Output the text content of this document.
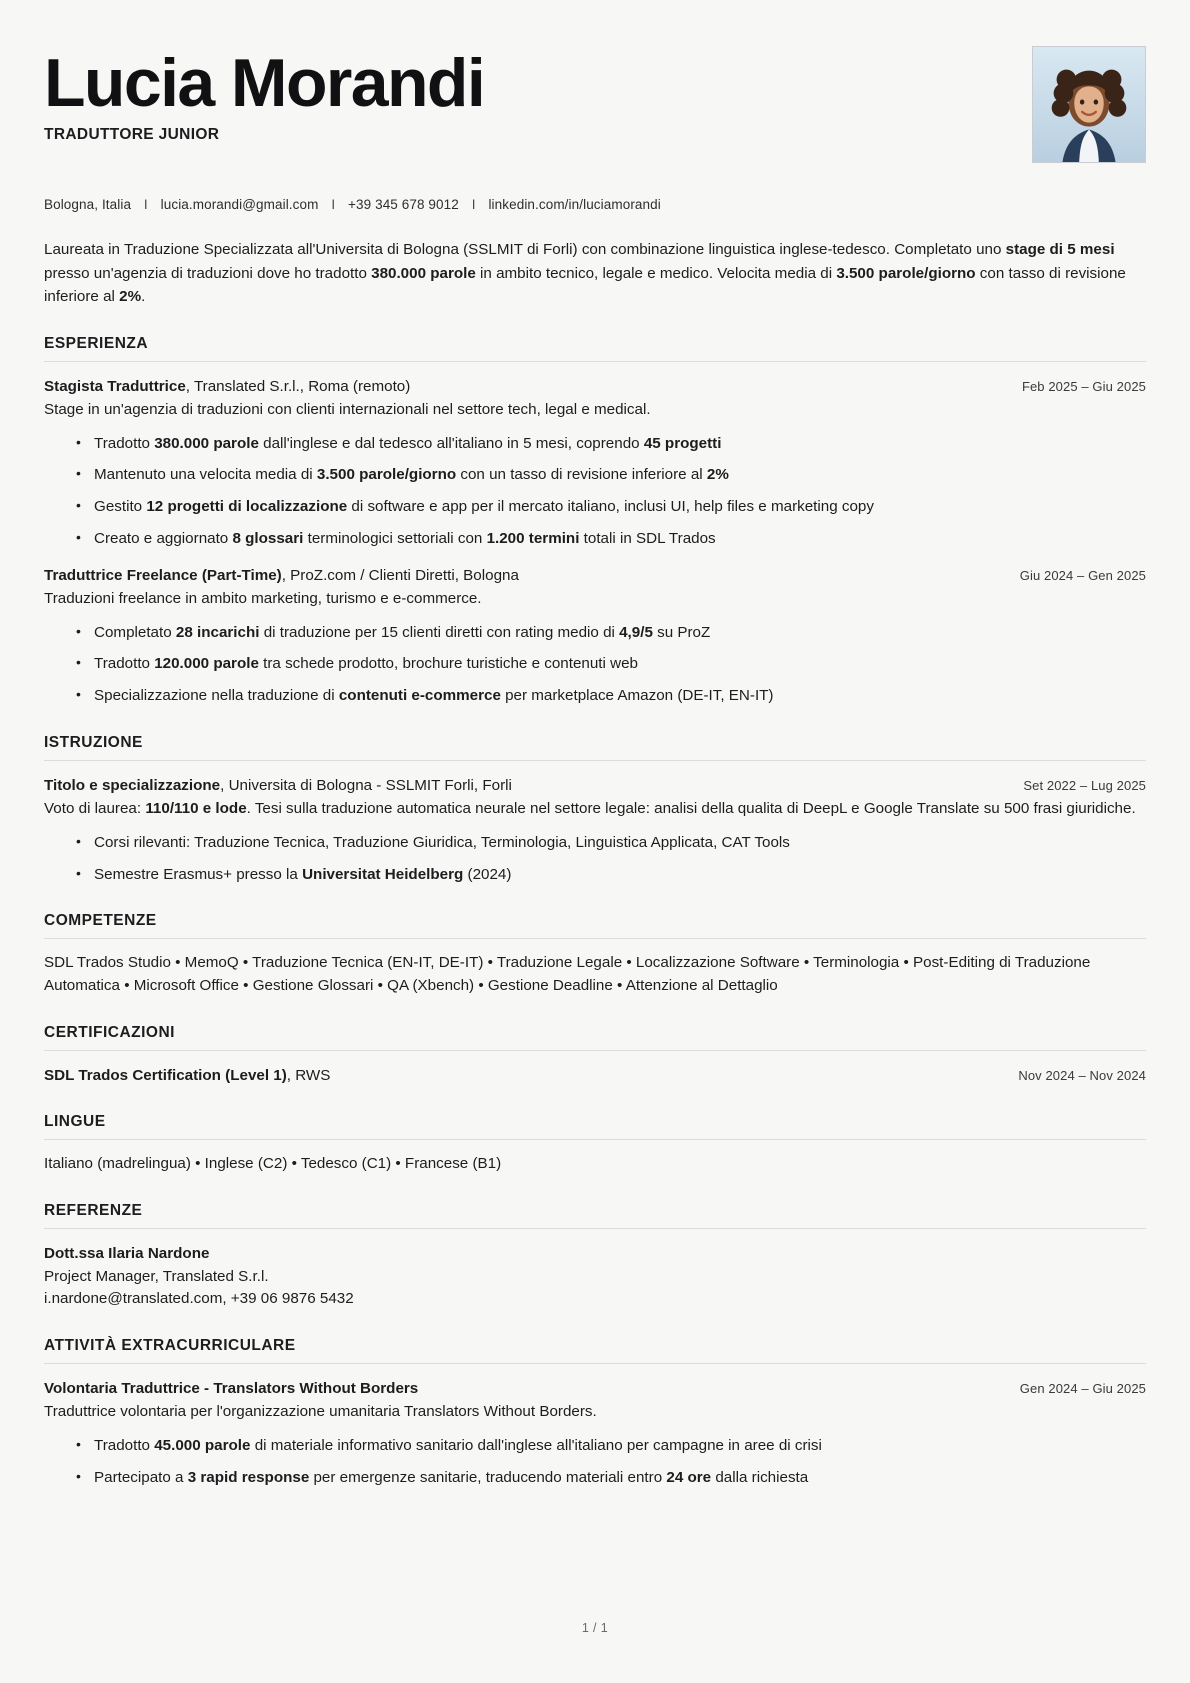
Lucia Morandi
TRADUTTORE JUNIOR
Bologna, Italia I lucia.morandi@gmail.com I +39 345 678 9012 I linkedin.com/in/luciamorandi
Laureata in Traduzione Specializzata all'Universita di Bologna (SSLMIT di Forli) con combinazione linguistica inglese-tedesco. Completato uno stage di 5 mesi presso un'agenzia di traduzioni dove ho tradotto 380.000 parole in ambito tecnico, legale e medico. Velocita media di 3.500 parole/giorno con tasso di revisione inferiore al 2%.
ESPERIENZA
Stagista Traduttrice, Translated S.r.l., Roma (remoto)	Feb 2025 – Giu 2025
Stage in un'agenzia di traduzioni con clienti internazionali nel settore tech, legal e medical.
• Tradotto 380.000 parole dall'inglese e dal tedesco all'italiano in 5 mesi, coprendo 45 progetti
• Mantenuto una velocita media di 3.500 parole/giorno con un tasso di revisione inferiore al 2%
• Gestito 12 progetti di localizzazione di software e app per il mercato italiano, inclusi UI, help files e marketing copy
• Creato e aggiornato 8 glossari terminologici settoriali con 1.200 termini totali in SDL Trados
Traduttrice Freelance (Part-Time), ProZ.com / Clienti Diretti, Bologna	Giu 2024 – Gen 2025
Traduzioni freelance in ambito marketing, turismo e e-commerce.
• Completato 28 incarichi di traduzione per 15 clienti diretti con rating medio di 4,9/5 su ProZ
• Tradotto 120.000 parole tra schede prodotto, brochure turistiche e contenuti web
• Specializzazione nella traduzione di contenuti e-commerce per marketplace Amazon (DE-IT, EN-IT)
ISTRUZIONE
Titolo e specializzazione, Universita di Bologna - SSLMIT Forli, Forli	Set 2022 – Lug 2025
Voto di laurea: 110/110 e lode. Tesi sulla traduzione automatica neurale nel settore legale: analisi della qualita di DeepL e Google Translate su 500 frasi giuridiche.
• Corsi rilevanti: Traduzione Tecnica, Traduzione Giuridica, Terminologia, Linguistica Applicata, CAT Tools
• Semestre Erasmus+ presso la Universitat Heidelberg (2024)
COMPETENZE
SDL Trados Studio • MemoQ • Traduzione Tecnica (EN-IT, DE-IT) • Traduzione Legale • Localizzazione Software • Terminologia • Post-Editing di Traduzione Automatica • Microsoft Office • Gestione Glossari • QA (Xbench) • Gestione Deadline • Attenzione al Dettaglio
CERTIFICAZIONI
SDL Trados Certification (Level 1), RWS	Nov 2024 – Nov 2024
LINGUE
Italiano (madrelingua) • Inglese (C2) • Tedesco (C1) • Francese (B1)
REFERENZE
Dott.ssa Ilaria Nardone
Project Manager, Translated S.r.l.
i.nardone@translated.com, +39 06 9876 5432
ATTIVITÀ EXTRACURRICULARE
Volontaria Traduttrice - Translators Without Borders	Gen 2024 – Giu 2025
Traduttrice volontaria per l'organizzazione umanitaria Translators Without Borders.
• Tradotto 45.000 parole di materiale informativo sanitario dall'inglese all'italiano per campagne in aree di crisi
• Partecipato a 3 rapid response per emergenze sanitarie, traducendo materiali entro 24 ore dalla richiesta
1 / 1
